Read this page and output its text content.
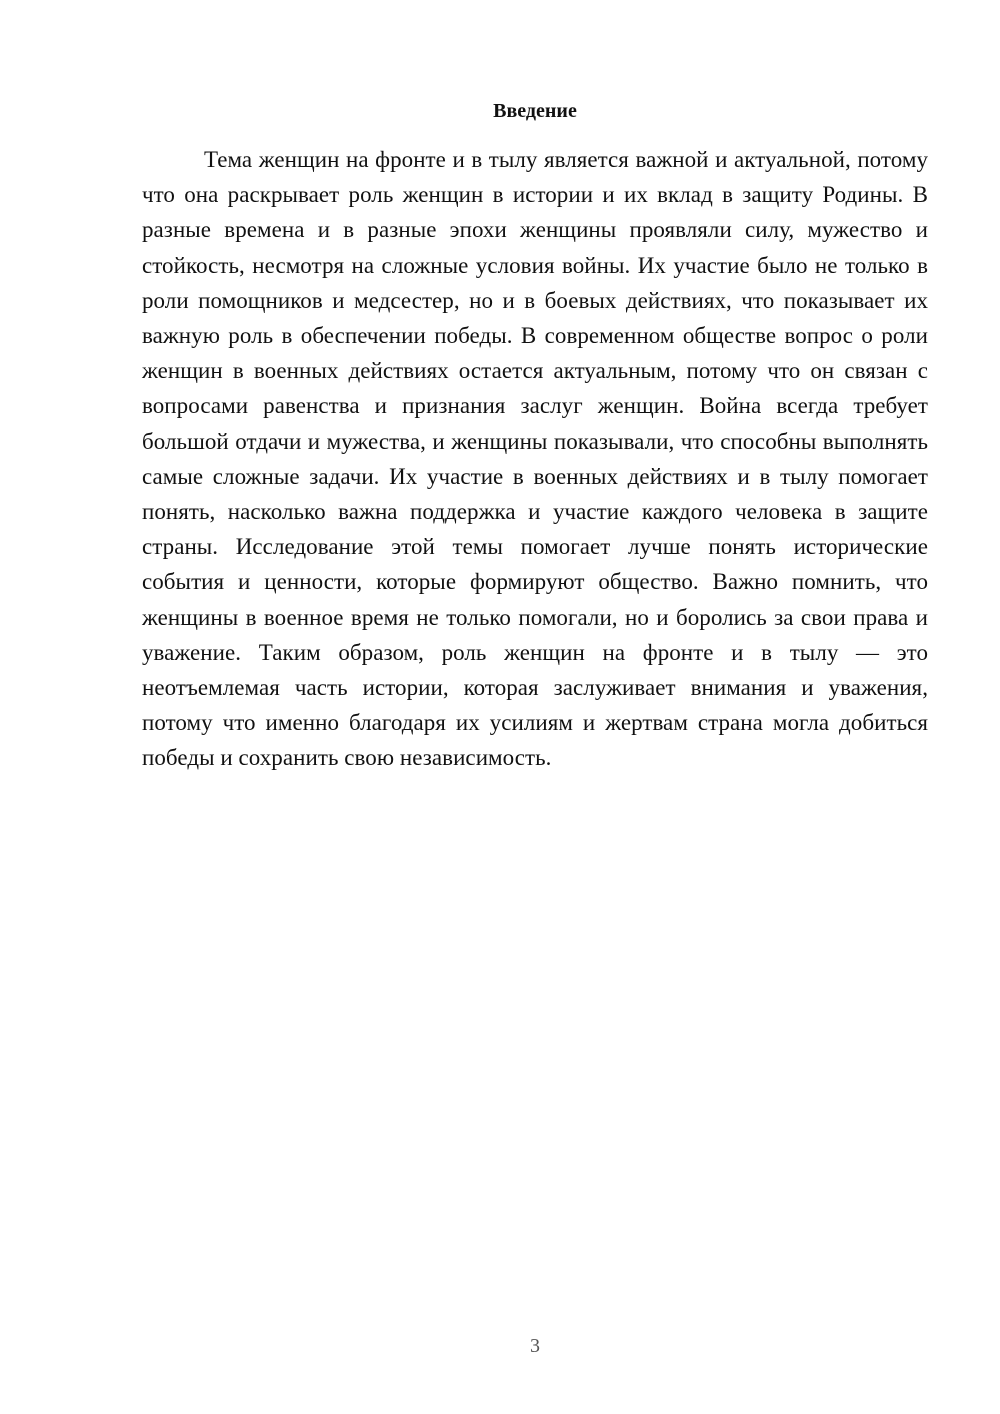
Введение

Тема женщин на фронте и в тылу является важной и актуальной, потому что она раскрывает роль женщин в истории и их вклад в защиту Родины. В разные времена и в разные эпохи женщины проявляли силу, мужество и стойкость, несмотря на сложные условия войны. Их участие было не только в роли помощников и медсестер, но и в боевых действиях, что показывает их важную роль в обеспечении победы. В современном обществе вопрос о роли женщин в военных действиях остается актуальным, потому что он связан с вопросами равенства и признания заслуг женщин. Война всегда требует большой отдачи и мужества, и женщины показывали, что способны выполнять самые сложные задачи. Их участие в военных действиях и в тылу помогает понять, насколько важна поддержка и участие каждого человека в защите страны. Исследование этой темы помогает лучше понять исторические события и ценности, которые формируют общество. Важно помнить, что женщины в военное время не только помогали, но и боролись за свои права и уважение. Таким образом, роль женщин на фронте и в тылу — это неотъемлемая часть истории, которая заслуживает внимания и уважения, потому что именно благодаря их усилиям и жертвам страна могла добиться победы и сохранить свою независимость.

3
